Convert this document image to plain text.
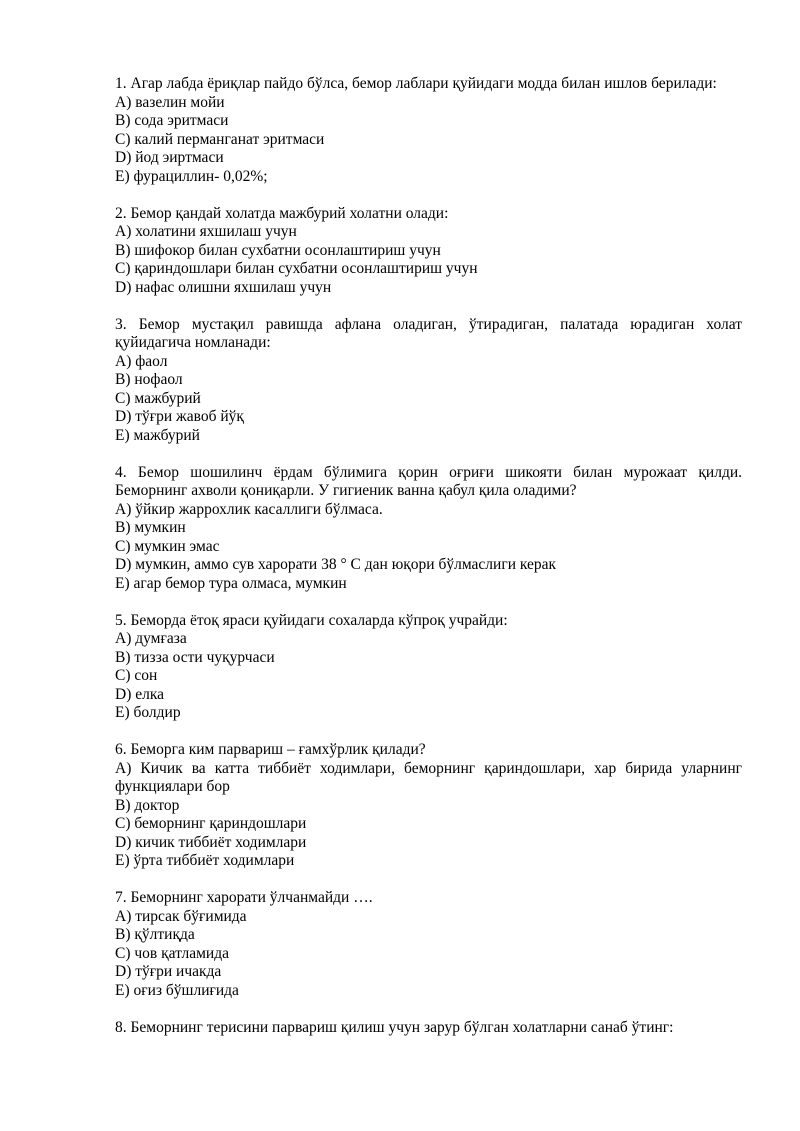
1. Агар лабда ёриқлар пайдо бўлса, бемор лаблари қуйидаги модда билан ишлов берилади:

A) вазелин мойи

B) сода эритмаси

C) калий перманганат эритмаси

D) йод эиртмаси

E) фурациллин- 0,02%;

2. Бемор қандай холатда мажбурий холатни олади:

A) холатини яхшилаш учун

B) шифокор билан сухбатни осонлаштириш учун

C) қариндошлари билан сухбатни осонлаштириш учун

D) нафас олишни яхшилаш учун

3. Бемор мустақил равишда афлана оладиган, ўтирадиган, палатада юрадиган холат қуйидагича номланади:

A) фаол

B) нофаол

C) мажбурий

D) тўғри жавоб йўқ

E) мажбурий

4. Бемор шошилинч ёрдам бўлимига қорин оғриғи шикояти билан мурожаат қилди. Беморнинг ахволи қониқарли. У гигиеник ванна қабул қила оладими?

A) ўйкир жаррохлик касаллиги бўлмаса.

B) мумкин

C) мумкин эмас

D) мумкин, аммо сув харорати 38 ° С дан юқори бўлмаслиги керак

E) агар бемор тура олмаса, мумкин

5. Беморда ётоқ яраси қуйидаги сохаларда кўпроқ учрайди:

A) думғаза

B) тизза ости чуқурчаси

C) сон

D) елка

E) болдир

6. Беморга ким парвариш – ғамхўрлик қилади?

A) Кичик ва катта тиббиёт ходимлари, беморнинг қариндошлари, хар бирида уларнинг функциялари бор

B) доктор

C) беморнинг қариндошлари

D) кичик тиббиёт ходимлари

E) ўрта тиббиёт ходимлари

7. Беморнинг харорати ўлчанмайди ….

A) тирсак бўғимида

B) қўлтиқда

C) чов қатламида

D) тўғри ичакда

E) оғиз бўшлиғида

8. Беморнинг терисини парвариш қилиш учун зарур бўлган холатларни санаб ўтинг:
